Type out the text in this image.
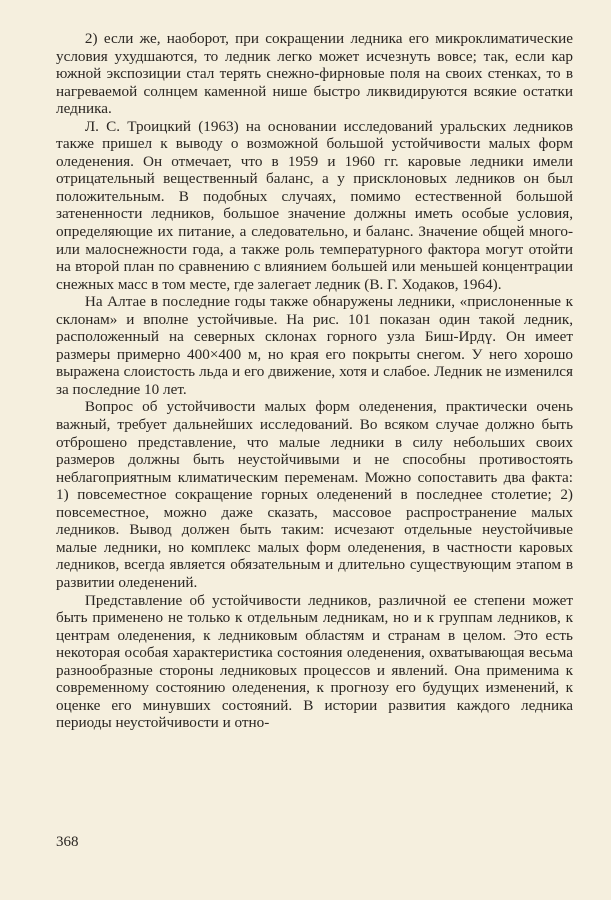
2) если же, наоборот, при сокращении ледника его микроклиматические условия ухудшаются, то ледник легко может исчезнуть вовсе; так, если кар южной экспозиции стал терять снежно-фирновые поля на своих стенках, то в нагреваемой солнцем каменной нише быстро ликвидируются всякие остатки ледника.

Л. С. Троицкий (1963) на основании исследований уральских ледников также пришел к выводу о возможной большой устойчивости малых форм оледенения. Он отмечает, что в 1959 и 1960 гг. каровые ледники имели отрицательный вещественный баланс, а у присклоновых ледников он был положительным. В подобных случаях, помимо естественной большой затененности ледников, большое значение должны иметь особые условия, определяющие их питание, а следовательно, и баланс. Значение общей много- или малоснежности года, а также роль температурного фактора могут отойти на второй план по сравнению с влиянием большей или меньшей концентрации снежных масс в том месте, где залегает ледник (В. Г. Ходаков, 1964).

На Алтае в последние годы также обнаружены ледники, «прислоненные к склонам» и вполне устойчивые. На рис. 101 показан один такой ледник, расположенный на северных склонах горного узла Биш-Ирдү. Он имеет размеры примерно 400×400 м, но края его покрыты снегом. У него хорошо выражена слоистость льда и его движение, хотя и слабое. Ледник не изменился за последние 10 лет.

Вопрос об устойчивости малых форм оледенения, практически очень важный, требует дальнейших исследований. Во всяком случае должно быть отброшено представление, что малые ледники в силу небольших своих размеров должны быть неустойчивыми и не способны противостоять неблагоприятным климатическим переменам. Можно сопоставить два факта: 1) повсеместное сокращение горных оледенений в последнее столетие; 2) повсеместное, можно даже сказать, массовое распространение малых ледников. Вывод должен быть таким: исчезают отдельные неустойчивые малые ледники, но комплекс малых форм оледенения, в частности каровых ледников, всегда является обязательным и длительно существующим этапом в развитии оледенений.

Представление об устойчивости ледников, различной ее степени может быть применено не только к отдельным ледникам, но и к группам ледников, к центрам оледенения, к ледниковым областям и странам в целом. Это есть некоторая особая характеристика состояния оледенения, охватывающая весьма разнообразные стороны ледниковых процессов и явлений. Она применима к современному состоянию оледенения, к прогнозу его будущих изменений, к оценке его минувших состояний. В истории развития каждого ледника периоды неустойчивости и отно-

368
